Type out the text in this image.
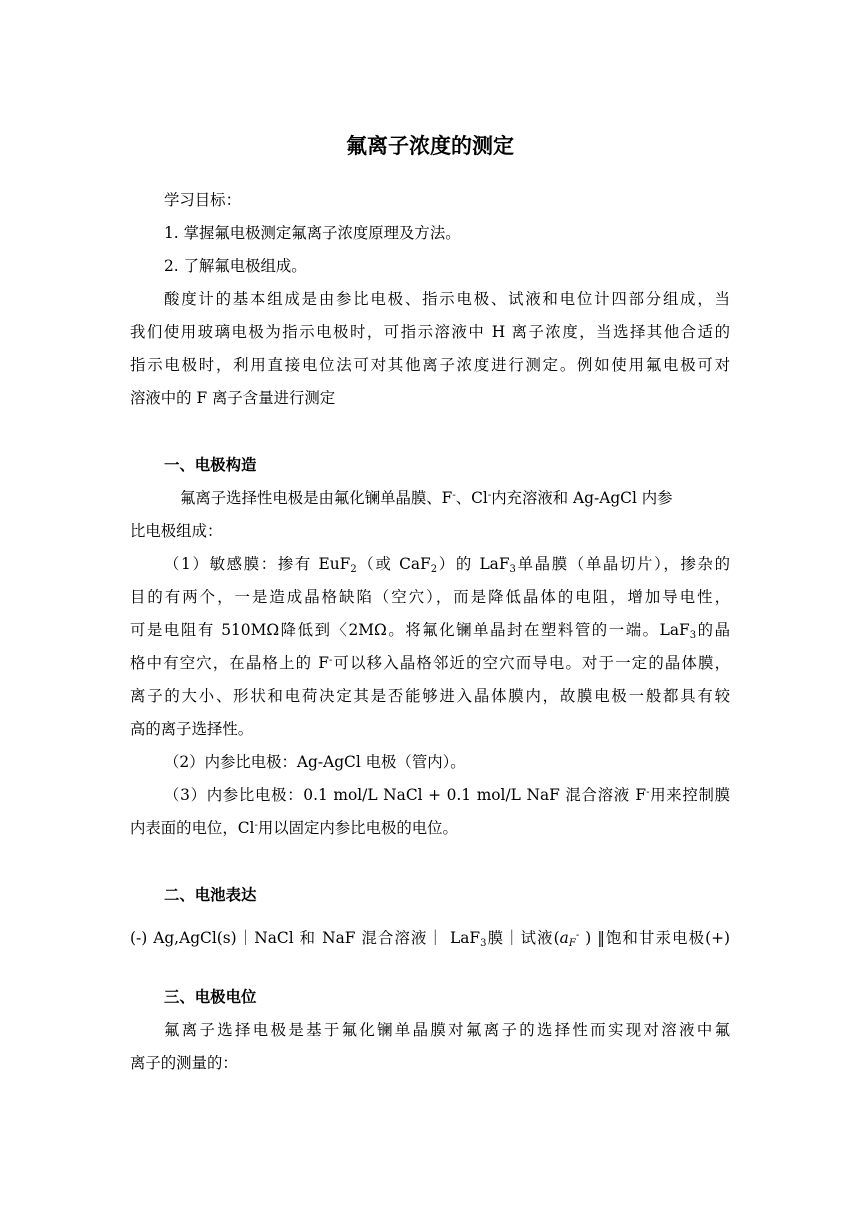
氟离子浓度的测定

学习目标：

1. 掌握氟电极测定氟离子浓度原理及方法。

2. 了解氟电极组成。

酸度计的基本组成是由参比电极、指示电极、试液和电位计四部分组成，当

我们使用玻璃电极为指示电极时，可指示溶液中 H 离子浓度，当选择其他合适的

指示电极时，利用直接电位法可对其他离子浓度进行测定。例如使用氟电极可对

溶液中的 F 离子含量进行测定

一、电极构造

氟离子选择性电极是由氟化镧单晶膜、F-、Cl-内充溶液和 Ag-AgCl 内参

比电极组成：

（1）敏感膜：掺有 EuF$_2$（或 CaF$_2$）的 LaF$_3$单晶膜（单晶切片），掺杂的

目的有两个，一是造成晶格缺陷（空穴），而是降低晶体的电阻，增加导电性，

可是电阻有 510MΩ降低到〈2MΩ。将氟化镧单晶封在塑料管的一端。LaF$_3$的晶

格中有空穴，在晶格上的 F-可以移入晶格邻近的空穴而导电。对于一定的晶体膜，

离子的大小、形状和电荷决定其是否能够进入晶体膜内，故膜电极一般都具有较

高的离子选择性。

（2）内参比电极：Ag-AgCl 电极（管内）。

（3）内参比电极：0.1 mol/L NaCl + 0.1 mol/L NaF 混合溶液 F-用来控制膜

内表面的电位，Cl-用以固定内参比电极的电位。

二、电池表达

(-) Ag,AgCl(s)｜NaCl 和 NaF 混合溶液｜ LaF$_3$膜｜试液($a_F^-$ ) ‖饱和甘汞电极(+)

三、电极电位

氟离子选择电极是基于氟化镧单晶膜对氟离子的选择性而实现对溶液中氟

离子的测量的：
